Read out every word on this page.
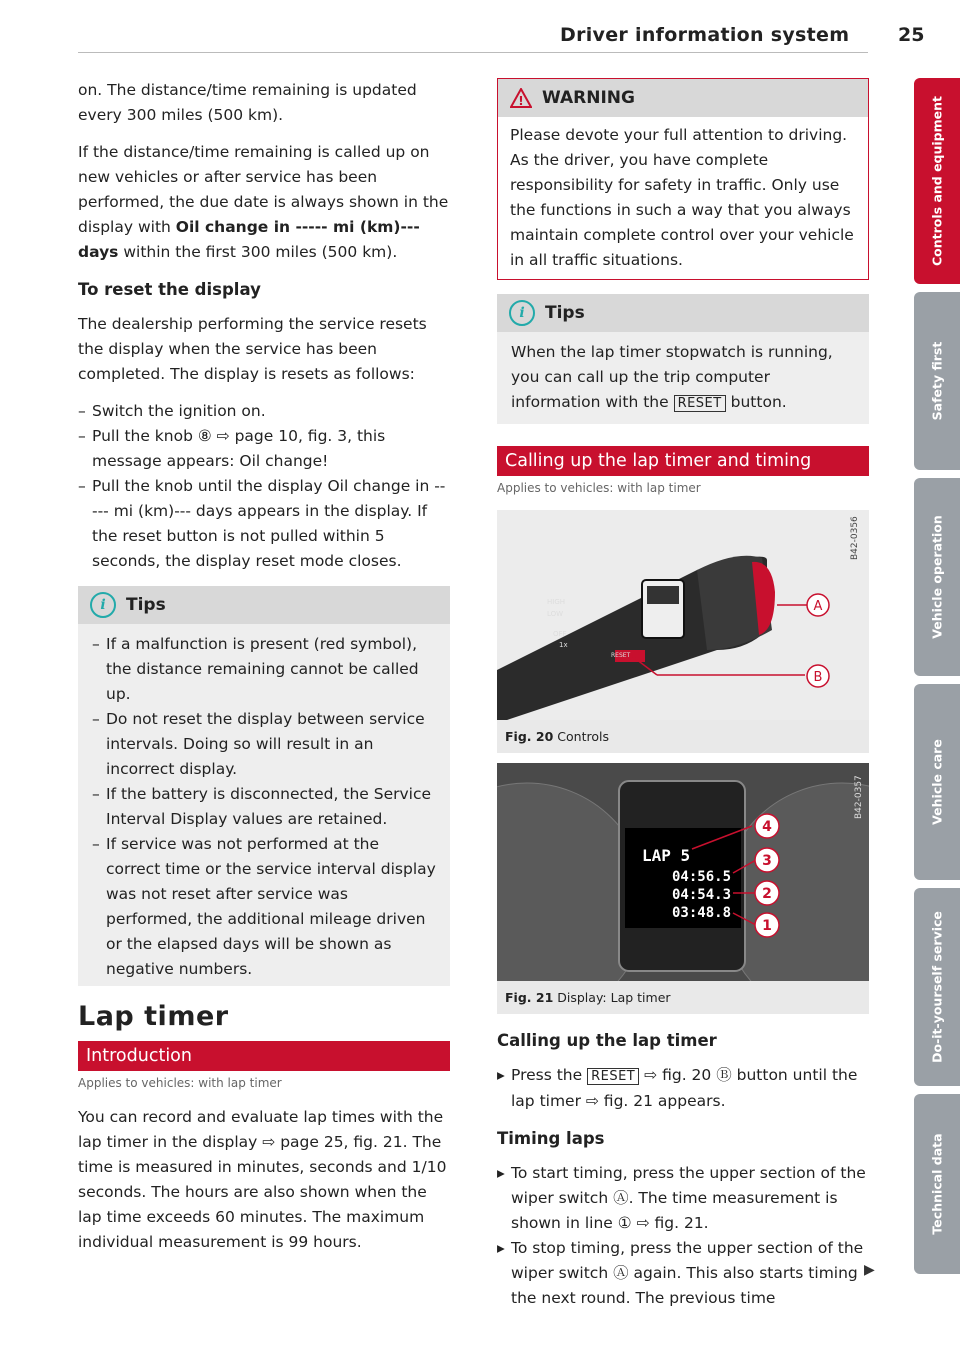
Driver information system	25

on. The distance/time remaining is updated every 300 miles (500 km).

If the distance/time remaining is called up on new vehicles or after service has been performed, the due date is always shown in the display with Oil change in ----- mi (km)--- days within the first 300 miles (500 km).

To reset the display

The dealership performing the service resets the display when the service has been completed. The display is resets as follows:

– Switch the ignition on.
– Pull the knob ⑧ ⇨ page 10, fig. 3, this message appears: Oil change!
– Pull the knob until the display Oil change in ----- mi (km)--- days appears in the display. If the reset button is not pulled within 5 seconds, the display reset mode closes.
i	Tips
– If a malfunction is present (red symbol), the distance remaining cannot be called up.
– Do not reset the display between service intervals. Doing so will result in an incorrect display.
– If the battery is disconnected, the Service Interval Display values are retained.
– If service was not performed at the correct time or the service interval display was not reset after service was performed, the additional mileage driven or the elapsed days will be shown as negative numbers.
Lap timer
Introduction
Applies to vehicles: with lap timer

You can record and evaluate lap times with the lap timer in the display ⇨ page 25, fig. 21. The time is measured in minutes, seconds and 1/10 seconds. The hours are also shown when the lap time exceeds 60 minutes. The maximum individual measurement is 99 hours.

! WARNING
Please devote your full attention to driving. As the driver, you have complete responsibility for safety in traffic. Only use the functions in such a way that you always maintain complete control over your vehicle in all traffic situations.
i	Tips
When the lap timer stopwatch is running, you can call up the trip computer information with the RESET button.
Calling up the lap timer and timing
Applies to vehicles: with lap timer
A
B
HIGH
LOW
OFF
1x
RESET
B42-0356
Fig. 20 Controls
LAP 5
04:56.5
04:54.3
03:48.8
4
3
2
1
B42-0357
Fig. 21 Display: Lap timer
Calling up the lap timer

▸ Press the RESET ⇨ fig. 20 Ⓑ button until the lap timer ⇨ fig. 21 appears.

Timing laps

▸ To start timing, press the upper section of the wiper switch Ⓐ. The time measurement is shown in line ① ⇨ fig. 21.

▸ To stop timing, press the upper section of the wiper switch Ⓐ again. This also starts timing the next round. The previous time

▶
Controls and equipment
Safety first
Vehicle operation
Vehicle care
Do-it-yourself service
Technical data
